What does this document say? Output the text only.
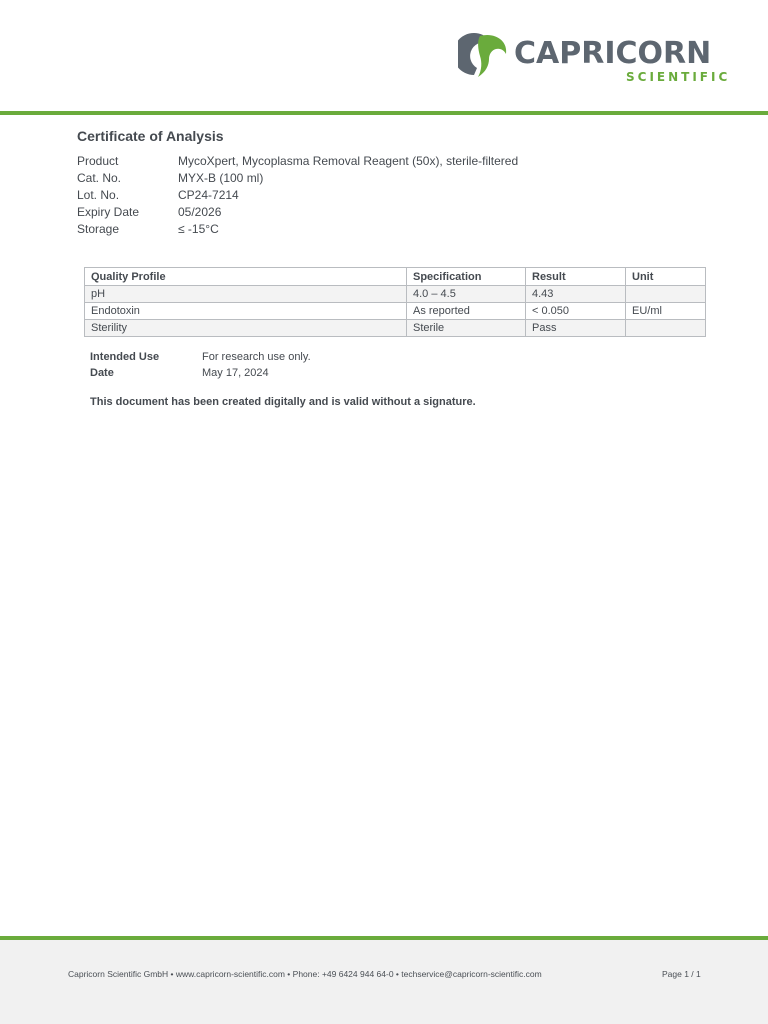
CAPRICORN
SCIENTIFIC
Certificate of Analysis
Product	MycoXpert, Mycoplasma Removal Reagent (50x), sterile-filtered
Cat. No.	MYX-B (100 ml)
Lot. No.	CP24-7214
Expiry Date	05/2026
Storage	≤ -15°C
Quality Profile	Specification	Result	Unit
pH	4.0 – 4.5	4.43	
Endotoxin	As reported	< 0.050	EU/ml
Sterility	Sterile	Pass	
Intended Use	For research use only.
Date	May 17, 2024
This document has been created digitally and is valid without a signature.
Capricorn Scientific GmbH • www.capricorn-scientific.com • Phone: +49 6424 944 64-0 • techservice@capricorn-scientific.com	Page 1 / 1
